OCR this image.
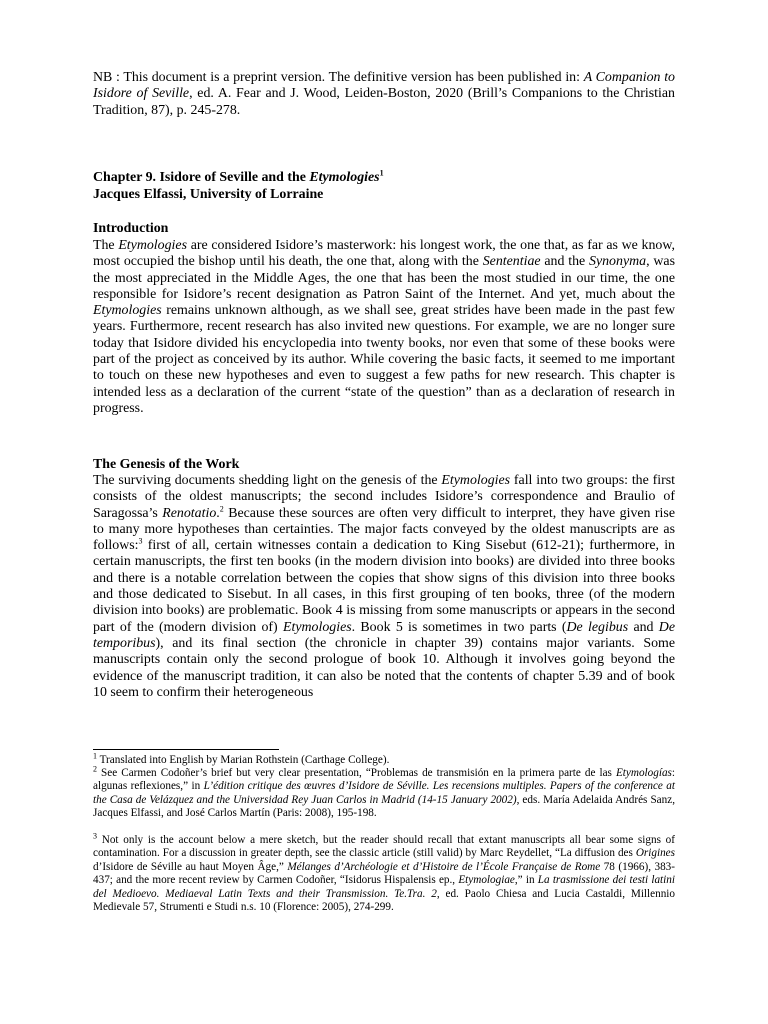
NB : This document is a preprint version. The definitive version has been published in: A Companion to Isidore of Seville, ed. A. Fear and J. Wood, Leiden-Boston, 2020 (Brill’s Companions to the Christian Tradition, 87), p. 245-278.

Chapter 9. Isidore of Seville and the Etymologies$^1$
Jacques Elfassi, University of Lorraine
Introduction

The Etymologies are considered Isidore’s masterwork: his longest work, the one that, as far as we know, most occupied the bishop until his death, the one that, along with the Sententiae and the Synonyma, was the most appreciated in the Middle Ages, the one that has been the most studied in our time, the one responsible for Isidore’s recent designation as Patron Saint of the Internet. And yet, much about the Etymologies remains unknown although, as we shall see, great strides have been made in the past few years. Furthermore, recent research has also invited new questions. For example, we are no longer sure today that Isidore divided his encyclopedia into twenty books, nor even that some of these books were part of the project as conceived by its author. While covering the basic facts, it seemed to me important to touch on these new hypotheses and even to suggest a few paths for new research. This chapter is intended less as a declaration of the current “state of the question” than as a declaration of research in progress.

The Genesis of the Work

The surviving documents shedding light on the genesis of the Etymologies fall into two groups: the first consists of the oldest manuscripts; the second includes Isidore’s correspondence and Braulio of Saragossa’s Renotatio.$^2$ Because these sources are often very difficult to interpret, they have given rise to many more hypotheses than certainties. The major facts conveyed by the oldest manuscripts are as follows:$^3$ first of all, certain witnesses contain a dedication to King Sisebut (612-21); furthermore, in certain manuscripts, the first ten books (in the modern division into books) are divided into three books and there is a notable correlation between the copies that show signs of this division into three books and those dedicated to Sisebut. In all cases, in this first grouping of ten books, three (of the modern division into books) are problematic. Book 4 is missing from some manuscripts or appears in the second part of the (modern division of) Etymologies. Book 5 is sometimes in two parts (De legibus and De temporibus), and its final section (the chronicle in chapter 39) contains major variants. Some manuscripts contain only the second prologue of book 10. Although it involves going beyond the evidence of the manuscript tradition, it can also be noted that the contents of chapter 5.39 and of book 10 seem to confirm their heterogeneous

$^1$ Translated into English by Marian Rothstein (Carthage College).

$^2$ See Carmen Codoñer’s brief but very clear presentation, “Problemas de transmisión en la primera parte de las Etymologías: algunas reflexiones,” in L’édition critique des œuvres d’Isidore de Séville. Les recensions multiples. Papers of the conference at the Casa de Velázquez and the Universidad Rey Juan Carlos in Madrid (14-15 January 2002), eds. María Adelaida Andrés Sanz, Jacques Elfassi, and José Carlos Martín (Paris: 2008), 195-198.

$^3$ Not only is the account below a mere sketch, but the reader should recall that extant manuscripts all bear some signs of contamination. For a discussion in greater depth, see the classic article (still valid) by Marc Reydellet, “La diffusion des Origines d’Isidore de Séville au haut Moyen Âge,” Mélanges d’Archéologie et d’Histoire de l’École Française de Rome 78 (1966), 383-437; and the more recent review by Carmen Codoñer, “Isidorus Hispalensis ep., Etymologiae,” in La trasmissione dei testi latini del Medioevo. Mediaeval Latin Texts and their Transmission. Te.Tra. 2, ed. Paolo Chiesa and Lucia Castaldi, Millennio Medievale 57, Strumenti e Studi n.s. 10 (Florence: 2005), 274-299.
